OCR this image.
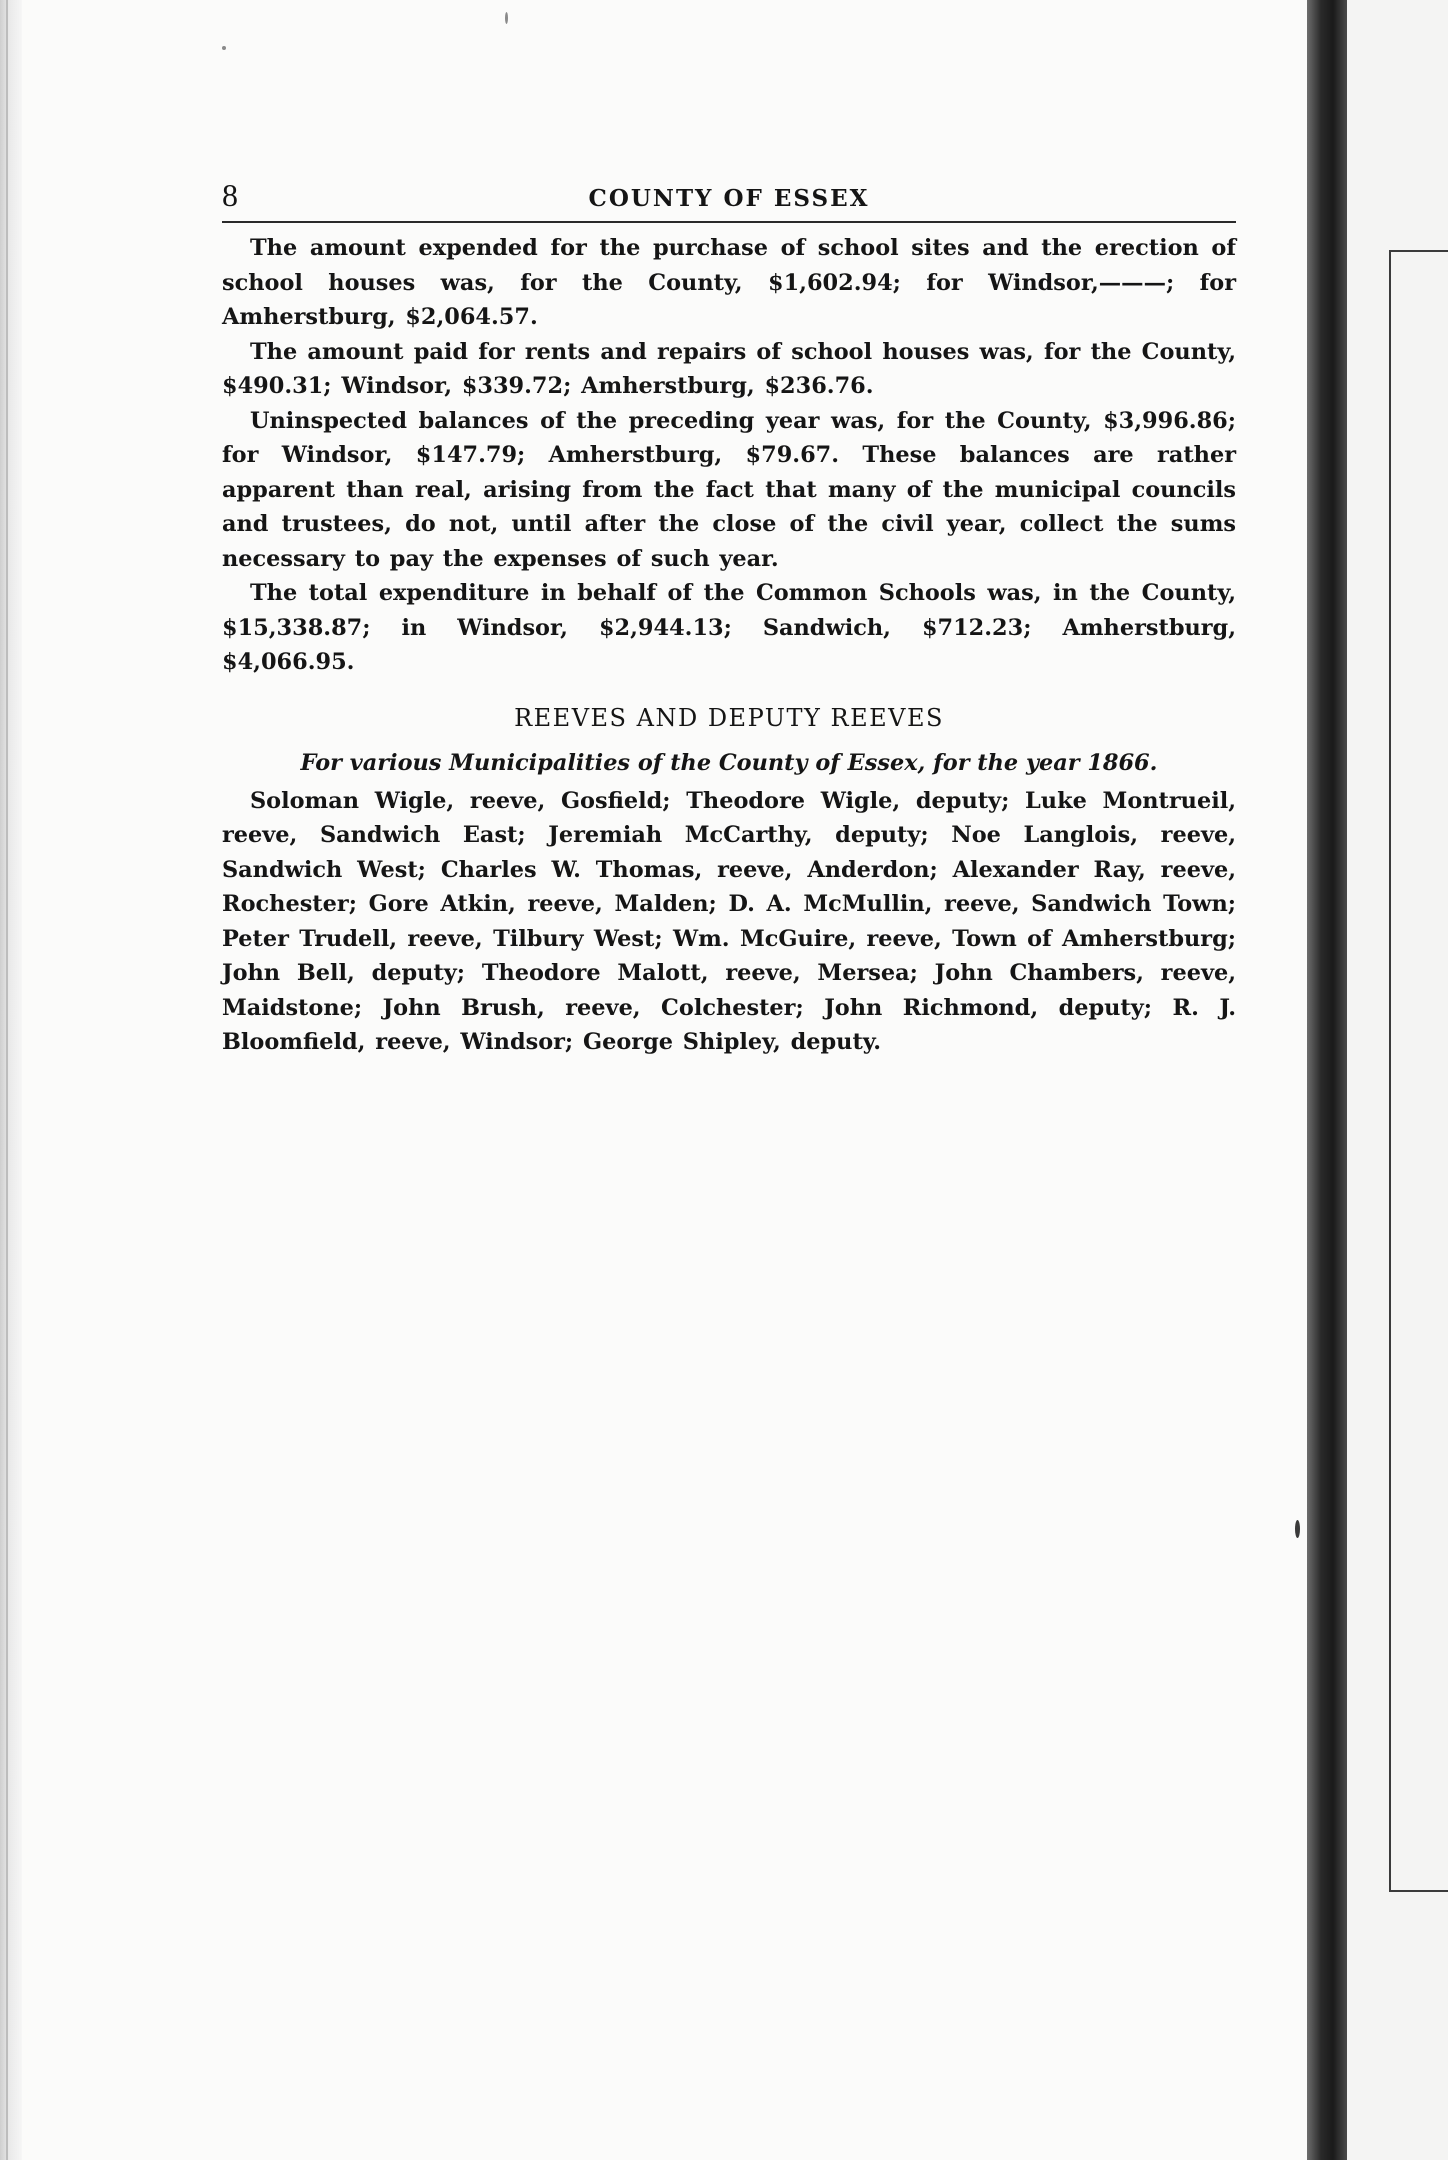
8	COUNTY OF ESSEX

The amount expended for the purchase of school sites and the erection of school houses was, for the County, $1,602.94; for Windsor,———; for Amherstburg, $2,064.57.

The amount paid for rents and repairs of school houses was, for the County, $490.31; Windsor, $339.72; Amherstburg, $236.76.

Uninspected balances of the preceding year was, for the County, $3,996.86; for Windsor, $147.79; Amherstburg, $79.67. These balances are rather apparent than real, arising from the fact that many of the municipal councils and trustees, do not, until after the close of the civil year, collect the sums necessary to pay the expenses of such year.

The total expenditure in behalf of the Common Schools was, in the County, $15,338.87; in Windsor, $2,944.13; Sandwich, $712.23; Amherstburg, $4,066.95.

REEVES AND DEPUTY REEVES

For various Municipalities of the County of Essex, for the year 1866.

Soloman Wigle, reeve, Gosfield; Theodore Wigle, deputy; Luke Montrueil, reeve, Sandwich East; Jeremiah McCarthy, deputy; Noe Langlois, reeve, Sandwich West; Charles W. Thomas, reeve, Anderdon; Alexander Ray, reeve, Rochester; Gore Atkin, reeve, Malden; D. A. McMullin, reeve, Sandwich Town; Peter Trudell, reeve, Tilbury West; Wm. McGuire, reeve, Town of Amherstburg; John Bell, deputy; Theodore Malott, reeve, Mersea; John Chambers, reeve, Maidstone; John Brush, reeve, Colchester; John Richmond, deputy; R. J. Bloomfield, reeve, Windsor; George Shipley, deputy.
